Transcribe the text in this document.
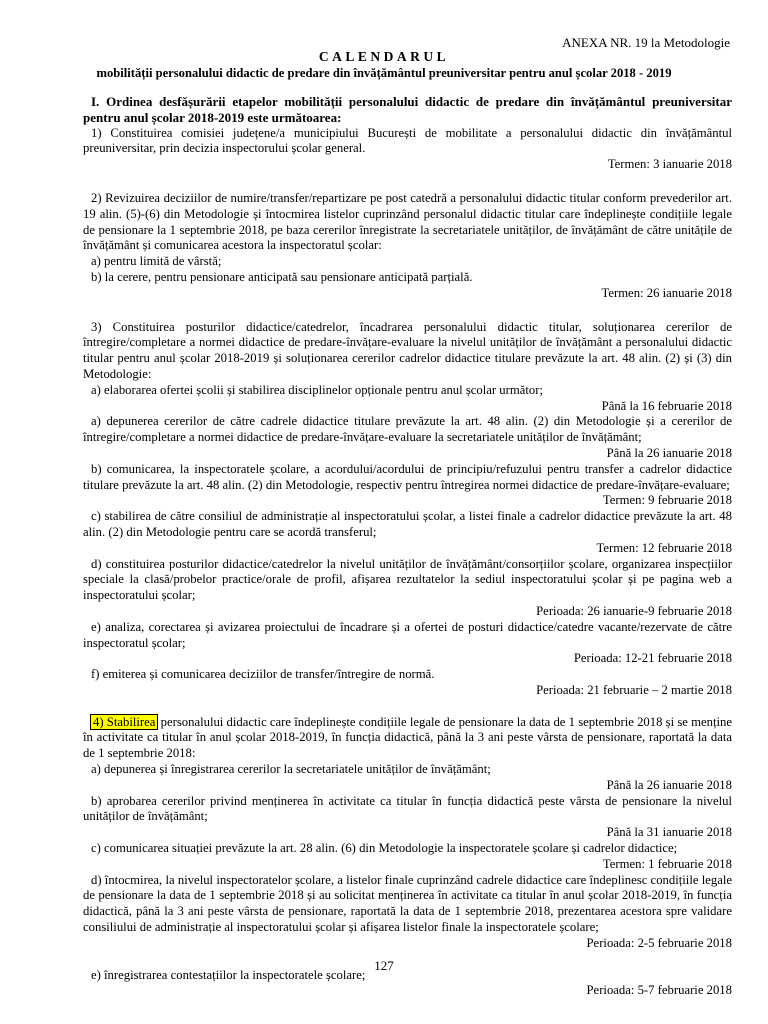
ANEXA NR. 19 la Metodologie
CALENDARUL
mobilității personalului didactic de predare din învățământul preuniversitar pentru anul școlar 2018 - 2019

I. Ordinea desfășurării etapelor mobilității personalului didactic de predare din învățământul preuniversitar pentru anul școlar 2018-2019 este următoarea:

1) Constituirea comisiei județene/a municipiului București de mobilitate a personalului didactic din învățământul preuniversitar, prin decizia inspectorului școlar general.

Termen: 3 ianuarie 2018

2) Revizuirea deciziilor de numire/transfer/repartizare pe post catedră a personalului didactic titular conform prevederilor art. 19 alin. (5)-(6) din Metodologie și întocmirea listelor cuprinzând personalul didactic titular care îndeplinește condițiile legale de pensionare la 1 septembrie 2018, pe baza cererilor înregistrate la secretariatele unităților, de învățământ de către unitățile de învățământ și comunicarea acestora la inspectoratul școlar:

a) pentru limită de vârstă;

b) la cerere, pentru pensionare anticipată sau pensionare anticipată parțială.

Termen: 26 ianuarie 2018

3) Constituirea posturilor didactice/catedrelor, încadrarea personalului didactic titular, soluționarea cererilor de întregire/completare a normei didactice de predare-învățare-evaluare la nivelul unităților de învățământ a personalului didactic titular pentru anul școlar 2018-2019 și soluționarea cererilor cadrelor didactice titulare prevăzute la art. 48 alin. (2) și (3) din Metodologie:

a) elaborarea ofertei școlii și stabilirea disciplinelor opționale pentru anul școlar următor;

Până la 16 februarie 2018

a) depunerea cererilor de către cadrele didactice titulare prevăzute la art. 48 alin. (2) din Metodologie și a cererilor de întregire/completare a normei didactice de predare-învățare-evaluare la secretariatele unităților de învățământ;

Până la 26 ianuarie 2018

b) comunicarea, la inspectoratele școlare, a acordului/acordului de principiu/refuzului pentru transfer a cadrelor didactice titulare prevăzute la art. 48 alin. (2) din Metodologie, respectiv pentru întregirea normei didactice de predare-învățare-evaluare;

Termen: 9 februarie 2018

c) stabilirea de către consiliul de administrație al inspectoratului școlar, a listei finale a cadrelor didactice prevăzute la art. 48 alin. (2) din Metodologie pentru care se acordă transferul;

Termen: 12 februarie 2018

d) constituirea posturilor didactice/catedrelor la nivelul unităților de învățământ/consorțiilor școlare, organizarea inspecțiilor speciale la clasă/probelor practice/orale de profil, afișarea rezultatelor la sediul inspectoratului școlar și pe pagina web a inspectoratului școlar;

Perioada: 26 ianuarie-9 februarie 2018

e) analiza, corectarea și avizarea proiectului de încadrare și a ofertei de posturi didactice/catedre vacante/rezervate de către inspectoratul școlar;

Perioada: 12-21 februarie 2018

f) emiterea și comunicarea deciziilor de transfer/întregire de normă.

Perioada: 21 februarie – 2 martie 2018

4) Stabilirea personalului didactic care îndeplinește condițiile legale de pensionare la data de 1 septembrie 2018 și se menține în activitate ca titular în anul școlar 2018-2019, în funcția didactică, până la 3 ani peste vârsta de pensionare, raportată la data de 1 septembrie 2018:

a) depunerea și înregistrarea cererilor la secretariatele unităților de învățământ;

Până la 26 ianuarie 2018

b) aprobarea cererilor privind menținerea în activitate ca titular în funcția didactică peste vârsta de pensionare la nivelul unităților de învățământ;

Până la 31 ianuarie 2018

c) comunicarea situației prevăzute la art. 28 alin. (6) din Metodologie la inspectoratele școlare și cadrelor didactice;

Termen: 1 februarie 2018

d) întocmirea, la nivelul inspectoratelor școlare, a listelor finale cuprinzând cadrele didactice care îndeplinesc condițiile legale de pensionare la data de 1 septembrie 2018 și au solicitat menținerea în activitate ca titular în anul școlar 2018-2019, în funcția didactică, până la 3 ani peste vârsta de pensionare, raportată la data de 1 septembrie 2018, prezentarea acestora spre validare consiliului de administrație al inspectoratului școlar și afișarea listelor finale la inspectoratele școlare;

Perioada: 2-5 februarie 2018

e) înregistrarea contestațiilor la inspectoratele școlare;

Perioada: 5-7 februarie 2018

127
